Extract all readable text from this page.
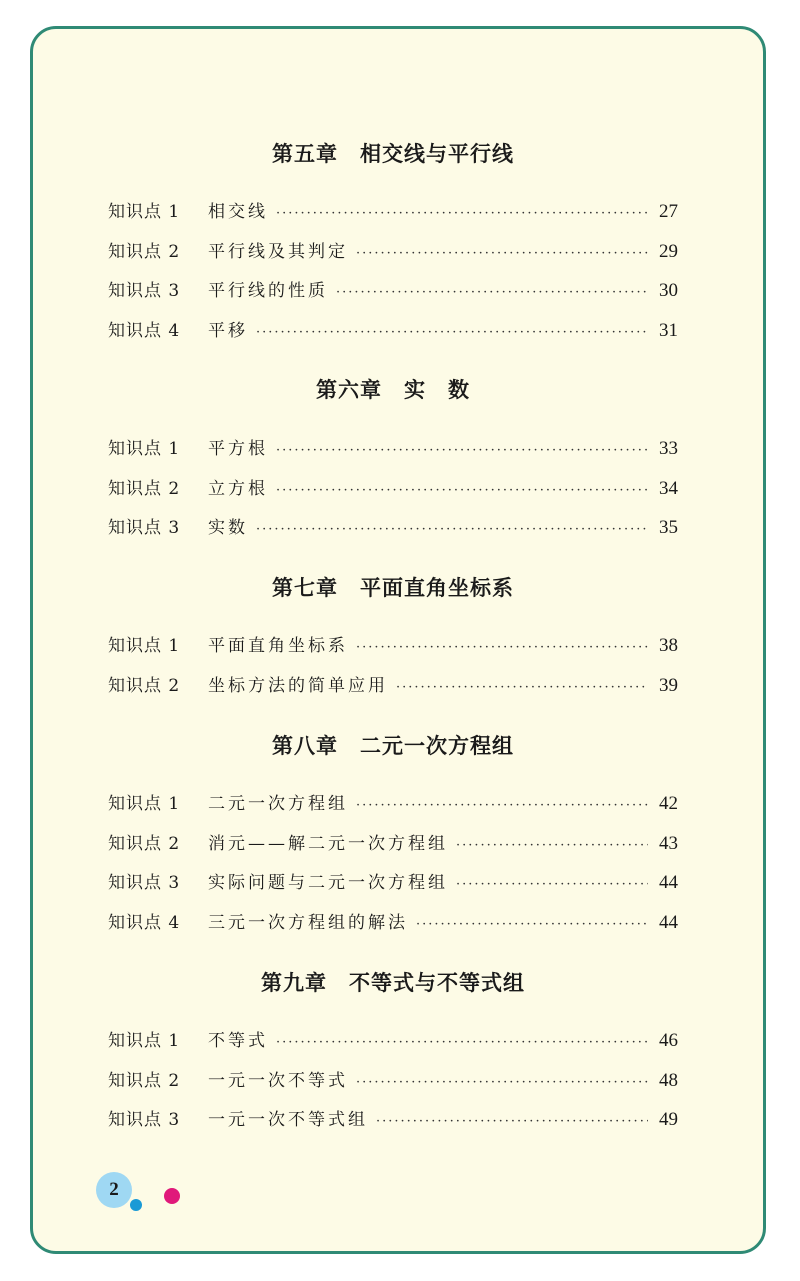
第五章　相交线与平行线
知识点 1	相交线 ·····	27
知识点 2	平行线及其判定 ·····	29
知识点 3	平行线的性质 ·····	30
知识点 4	平移 ·····	31
第六章　实　数
知识点 1	平方根 ·····	33
知识点 2	立方根 ·····	34
知识点 3	实数 ·····	35
第七章　平面直角坐标系
知识点 1	平面直角坐标系 ·····	38
知识点 2	坐标方法的简单应用 ·····	39
第八章　二元一次方程组
知识点 1	二元一次方程组 ·····	42
知识点 2	消元——解二元一次方程组 ·····	43
知识点 3	实际问题与二元一次方程组 ·····	44
知识点 4	三元一次方程组的解法 ·····	44
第九章　不等式与不等式组
知识点 1	不等式 ·····	46
知识点 2	一元一次不等式 ·····	48
知识点 3	一元一次不等式组 ·····	49
2
